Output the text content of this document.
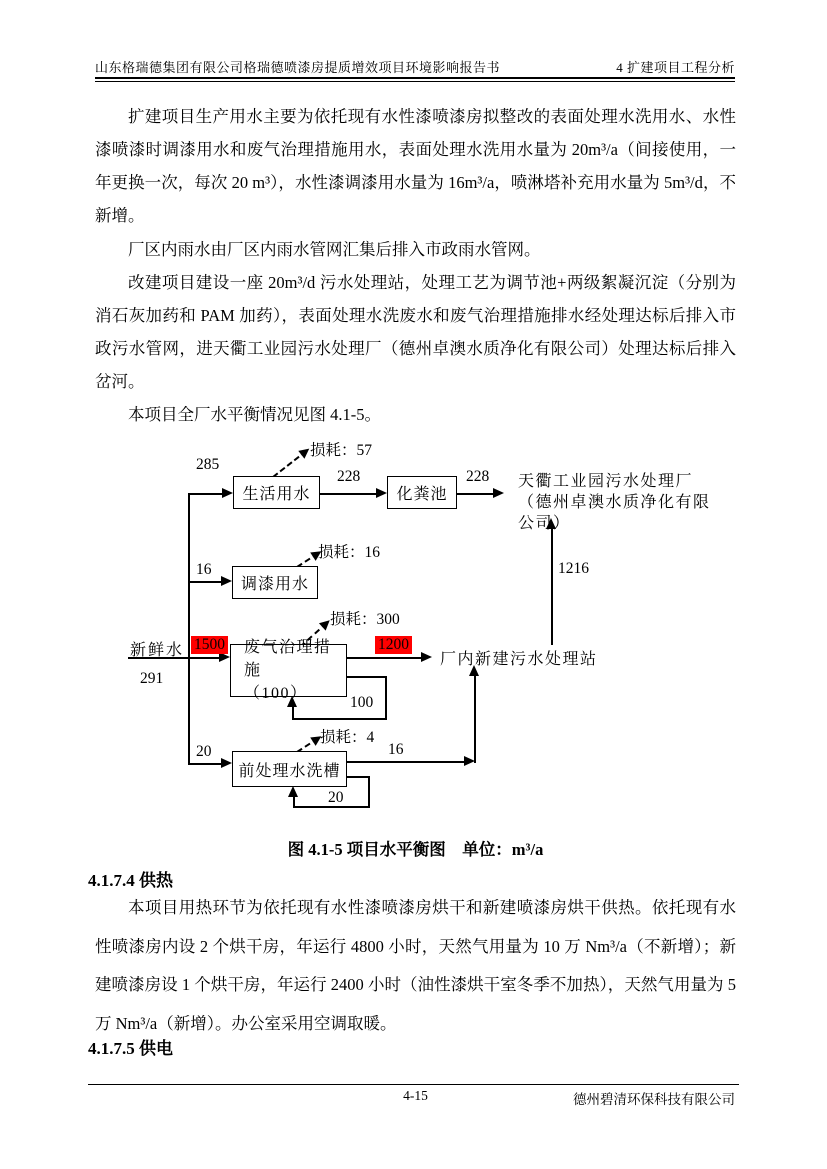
山东格瑞德集团有限公司格瑞德喷漆房提质增效项目环境影响报告书	4 扩建项目工程分析

扩建项目生产用水主要为依托现有水性漆喷漆房拟整改的表面处理水洗用水、水性漆喷漆时调漆用水和废气治理措施用水，表面处理水洗用水量为 20m³/a（间接使用，一年更换一次，每次 20 m³），水性漆调漆用水量为 16m³/a，喷淋塔补充用水量为 5m³/d，不新增。

厂区内雨水由厂区内雨水管网汇集后排入市政雨水管网。

改建项目建设一座 20m³/d 污水处理站，处理工艺为调节池+两级絮凝沉淀（分别为消石灰加药和 PAM 加药），表面处理水洗废水和废气治理措施排水经处理达标后排入市政污水管网，进天衢工业园污水处理厂（德州卓澳水质净化有限公司）处理达标后排入岔河。

本项目全厂水平衡情况见图 4.1-5。

生活用水	化粪池
调漆用水
废气治理措施
（100）
前处理水洗槽
天衢工业园污水处理厂（德州卓澳水质净化有限公司）
厂内新建污水处理站
新鲜水
291
285
228	228
损耗：57
16
损耗：16
损耗：300
1500	1200
100
20
损耗：4
16
20
1216

图 4.1-5 项目水平衡图　单位：m³/a

4.1.7.4 供热

本项目用热环节为依托现有水性漆喷漆房烘干和新建喷漆房烘干供热。依托现有水性喷漆房内设 2 个烘干房，年运行 4800 小时，天然气用量为 10 万 Nm³/a（不新增）；新建喷漆房设 1 个烘干房，年运行 2400 小时（油性漆烘干室冬季不加热），天然气用量为 5 万 Nm³/a（新增）。办公室采用空调取暖。

4.1.7.5 供电

4-15	德州碧清环保科技有限公司
